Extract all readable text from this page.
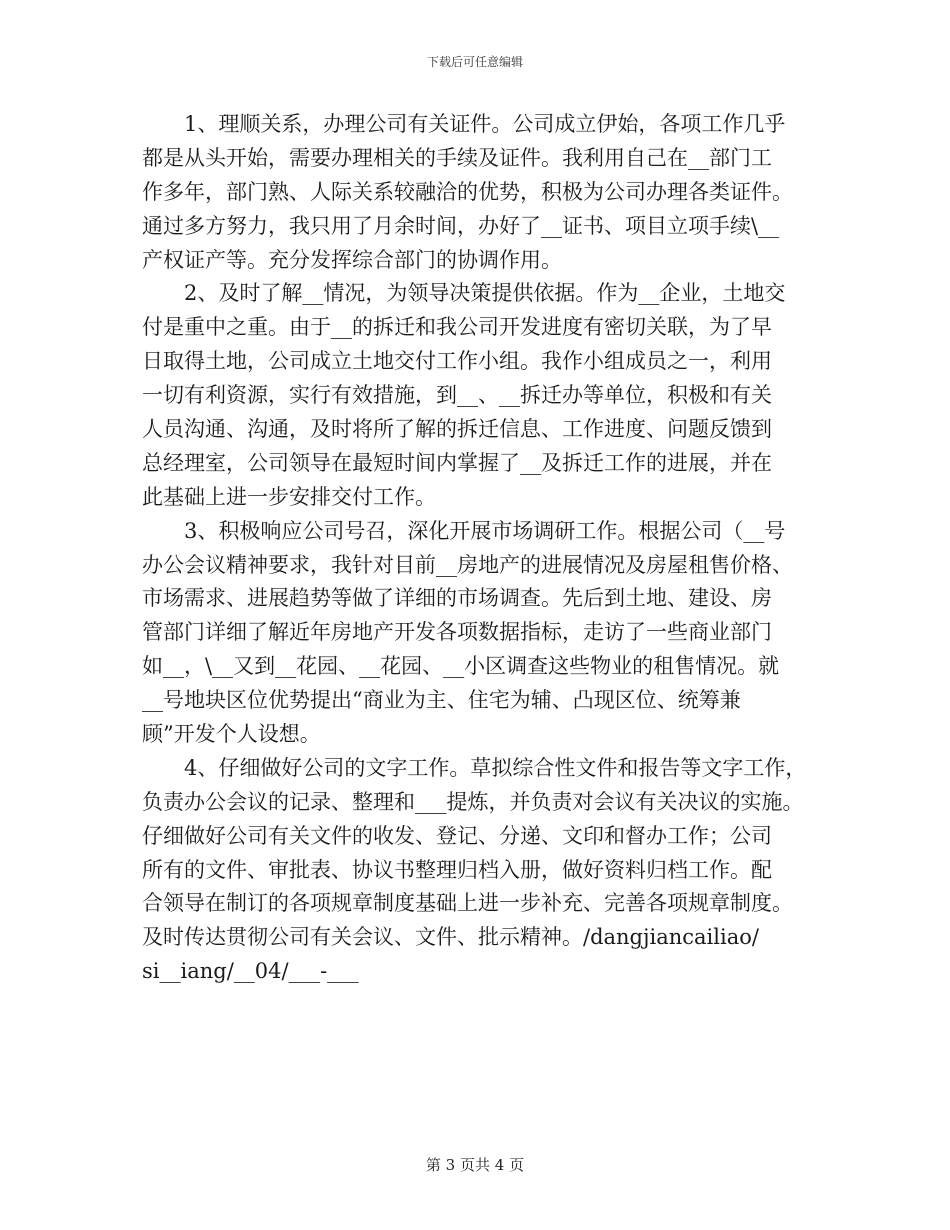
下载后可任意编辑
1、理顺关系，办理公司有关证件。公司成立伊始，各项工作几乎
都是从头开始，需要办理相关的手续及证件。我利用自己在__部门工
作多年，部门熟、人际关系较融洽的优势，积极为公司办理各类证件。
通过多方努力，我只用了月余时间，办好了__证书、项目立项手续\__
产权证产等。充分发挥综合部门的协调作用。
2、及时了解__情况，为领导决策提供依据。作为__企业，土地交
付是重中之重。由于__的拆迁和我公司开发进度有密切关联，为了早
日取得土地，公司成立土地交付工作小组。我作小组成员之一，利用
一切有利资源，实行有效措施，到__、__拆迁办等单位，积极和有关
人员沟通、沟通，及时将所了解的拆迁信息、工作进度、问题反馈到
总经理室，公司领导在最短时间内掌握了__及拆迁工作的进展，并在
此基础上进一步安排交付工作。
3、积极响应公司号召，深化开展市场调研工作。根据公司（__号
办公会议精神要求，我针对目前__房地产的进展情况及房屋租售价格、
市场需求、进展趋势等做了详细的市场调查。先后到土地、建设、房
管部门详细了解近年房地产开发各项数据指标，走访了一些商业部门
如__，\__又到__花园、__花园、__小区调查这些物业的租售情况。就
__号地块区位优势提出“商业为主、住宅为辅、凸现区位、统筹兼
顾”开发个人设想。
4、仔细做好公司的文字工作。草拟综合性文件和报告等文字工作，
负责办公会议的记录、整理和___提炼，并负责对会议有关决议的实施。
仔细做好公司有关文件的收发、登记、分递、文印和督办工作；公司
所有的文件、审批表、协议书整理归档入册，做好资料归档工作。配
合领导在制订的各项规章制度基础上进一步补充、完善各项规章制度。
及时传达贯彻公司有关会议、文件、批示精神。/dangjiancailiao/
si__iang/__04/___-___
第 3 页共 4 页
